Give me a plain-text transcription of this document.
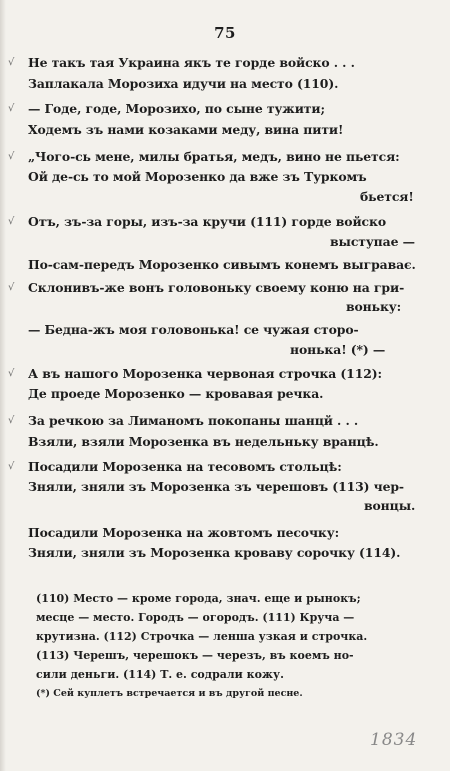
75
Не такъ тая Украина якъ те горде войско . . .
Заплакала Морозиха идучи на место (110).
— Годе, годе, Морозихо, по сыне тужити;
Ходемъ зъ нами козаками меду, вина пити!
„Чого-сь мене, милы братья, медъ, вино не пьется:
Ой де-сь то мой Морозенко да вже зъ Туркомъ
бьется!
Отъ, зъ-за горы, изъ-за кручи (111) горде войско
выступае —
По-сам-передъ Морозенко сивымъ конемъ выграває.
Склонивъ-же вонъ головоньку своему коню на гри-
воньку:
— Бедна-жъ моя головонька! се чужая сторо-
нонька! (*) —
А въ нашого Морозенка червоная строчка (112):
Де проеде Морозенко — кровавая речка.
За речкою за Лиманомъ покопаны шанцй . . .
Взяли, взяли Морозенка въ недельньку вранцѣ.
Посадили Морозенка на тесовомъ стольцѣ:
Зняли, зняли зъ Морозенка зъ черешовъ (113) чер-
вонцы.
Посадили Морозенка на жовтомъ песочку:
Зняли, зняли зъ Морозенка кроваву сорочку (114).
(110) Место — кроме города, знач. еще и рынокъ;
месце — место. Городъ — огородъ. (111) Круча —
крутизна. (112) Строчка — ленша узкая и строчка.
(113) Черешъ, черешокъ — черезъ, въ коемъ но-
сили деньги. (114) Т. е. содрали кожу.
(*) Сей куплетъ встречается и въ другой песне.
√
√
√
√
√
√
√
√
1834
